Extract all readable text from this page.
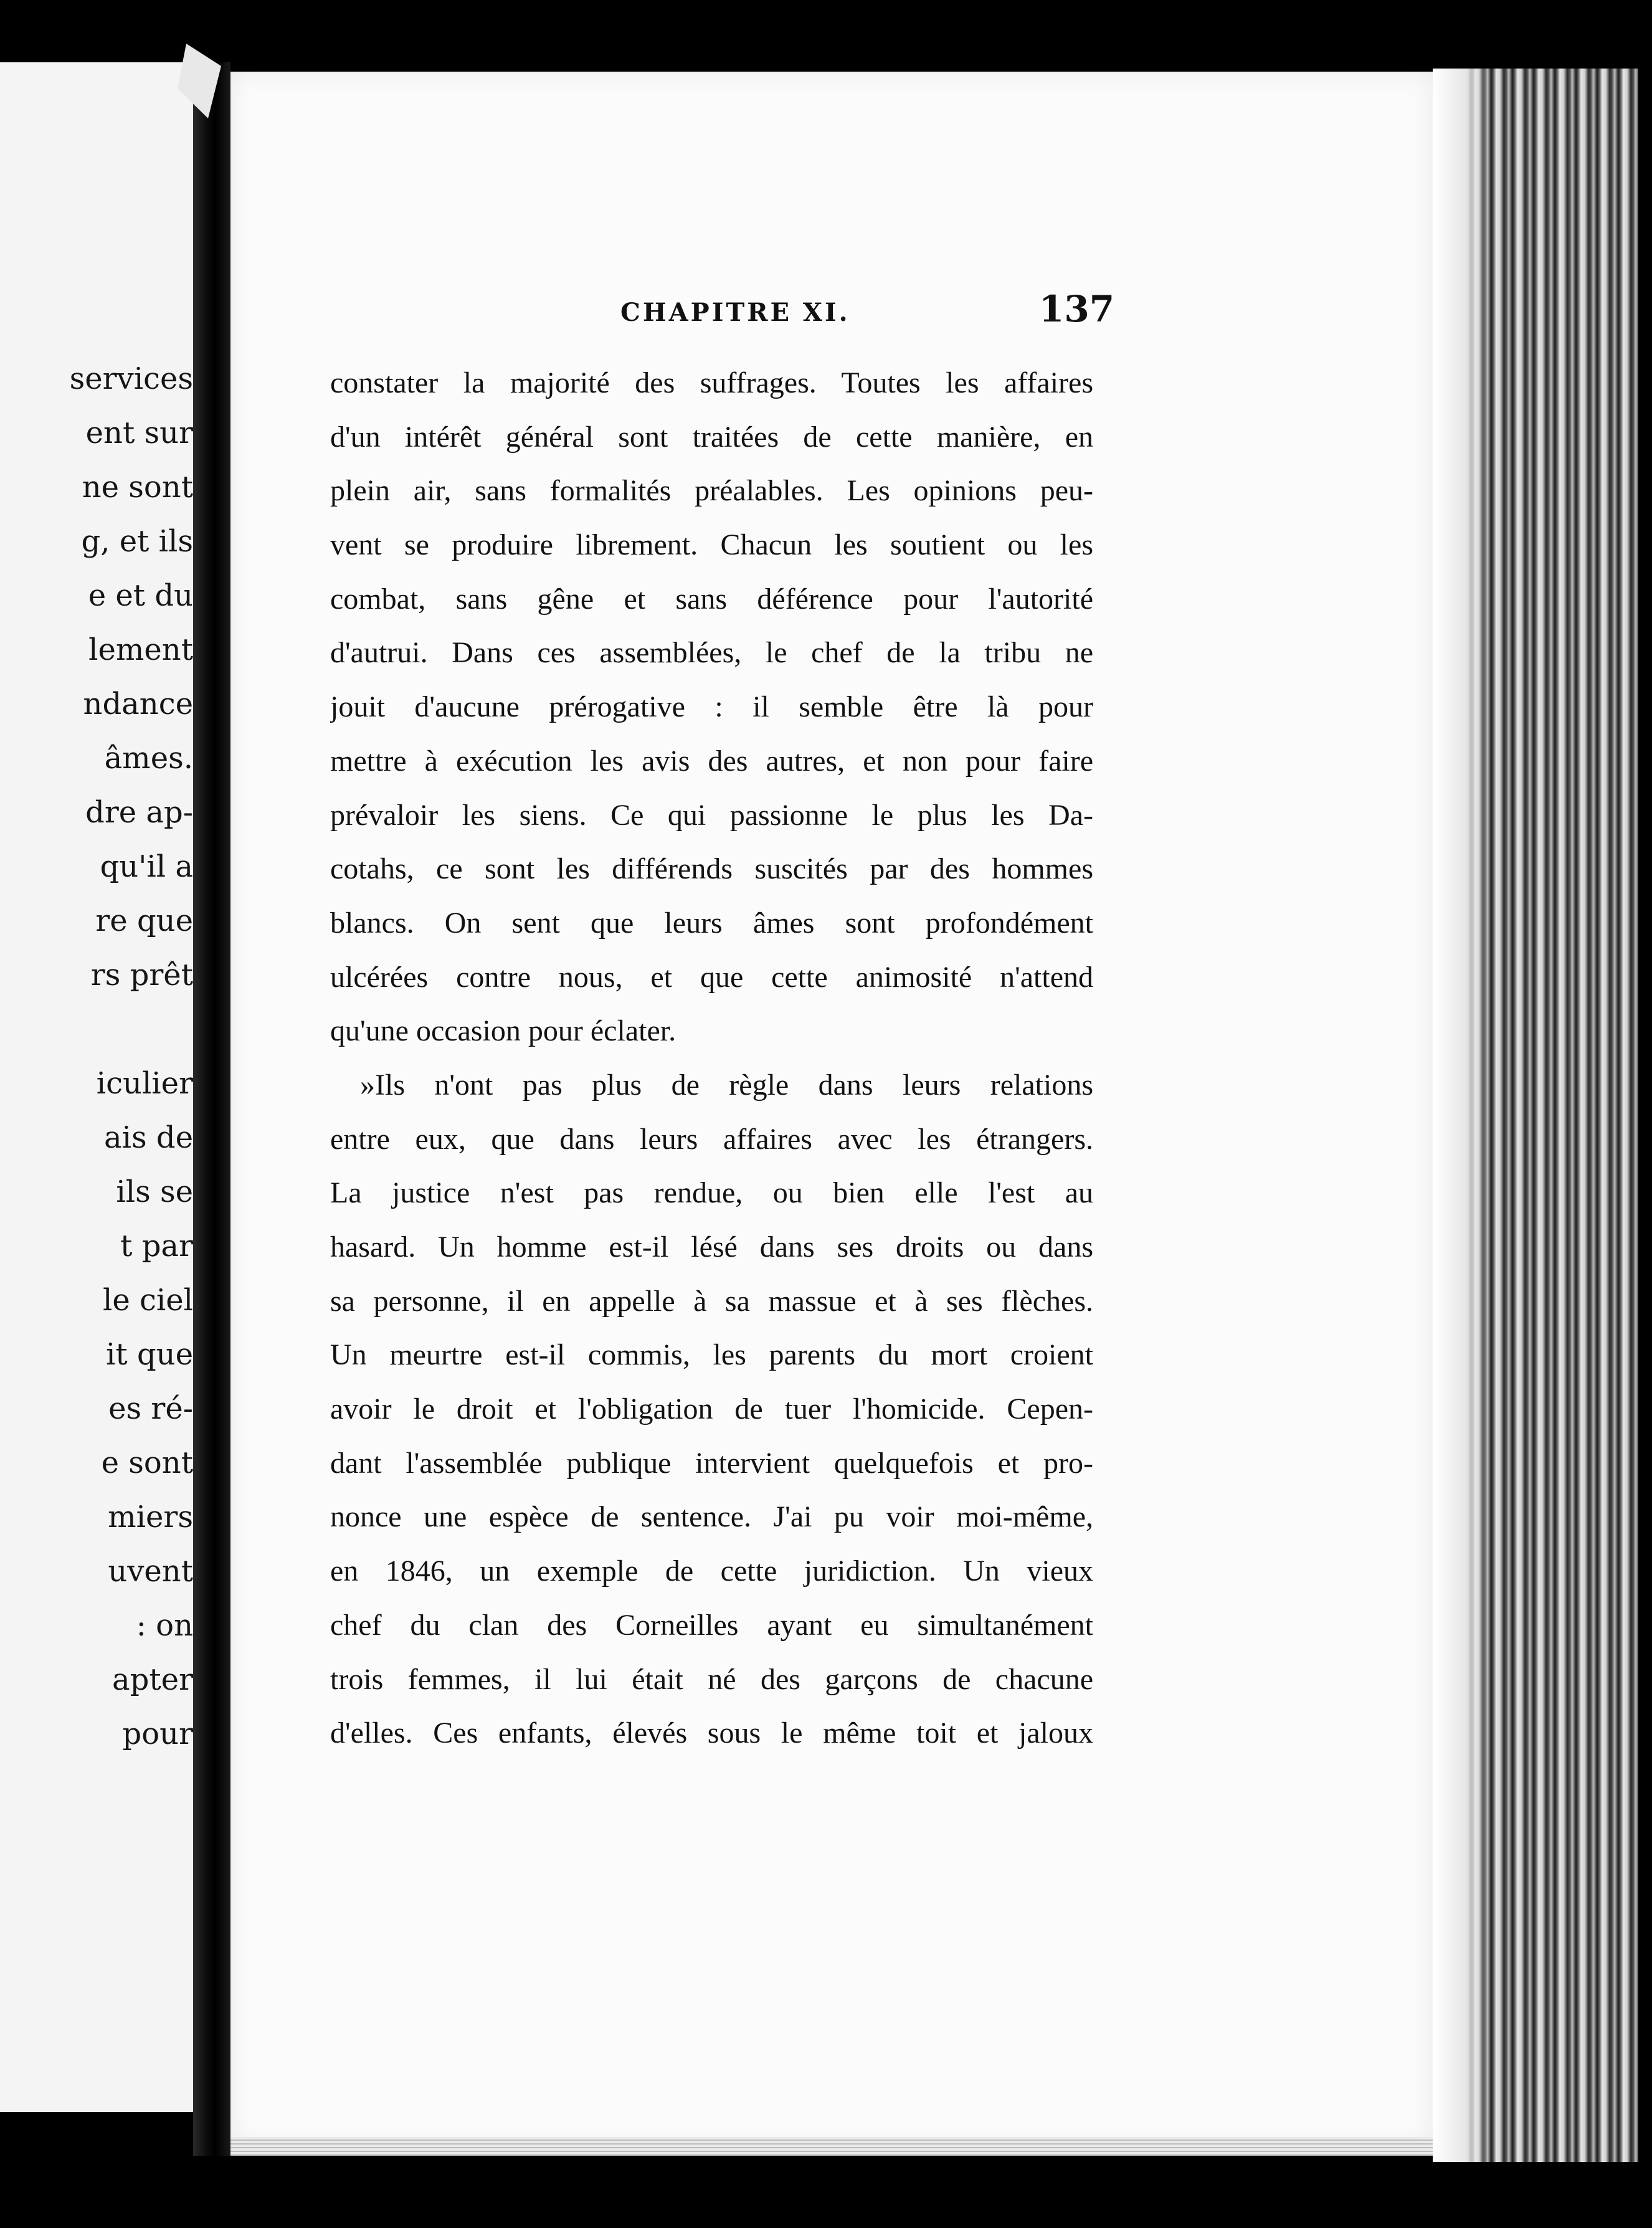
services
ent sur
ne sont
g, et ils
e et du
lement
ndance
âmes.
dre ap-
qu'il a
re que
rs prêt
iculier
ais de
ils se
t par
le ciel
it que
es ré-
e sont
miers
uvent
: on
apter
pour
CHAPITRE XI.	137
constater la majorité des suffrages. Toutes les affaires
d'un intérêt général sont traitées de cette manière, en
plein air, sans formalités préalables. Les opinions peu-
vent se produire librement. Chacun les soutient ou les
combat, sans gêne et sans déférence pour l'autorité
d'autrui. Dans ces assemblées, le chef de la tribu ne
jouit d'aucune prérogative : il semble être là pour
mettre à exécution les avis des autres, et non pour faire
prévaloir les siens. Ce qui passionne le plus les Da-
cotahs, ce sont les différends suscités par des hommes
blancs. On sent que leurs âmes sont profondément
ulcérées contre nous, et que cette animosité n'attend
qu'une occasion pour éclater.
»Ils n'ont pas plus de règle dans leurs relations
entre eux, que dans leurs affaires avec les étrangers.
La justice n'est pas rendue, ou bien elle l'est au
hasard. Un homme est-il lésé dans ses droits ou dans
sa personne, il en appelle à sa massue et à ses flèches.
Un meurtre est-il commis, les parents du mort croient
avoir le droit et l'obligation de tuer l'homicide. Cepen-
dant l'assemblée publique intervient quelquefois et pro-
nonce une espèce de sentence. J'ai pu voir moi-même,
en 1846, un exemple de cette juridiction. Un vieux
chef du clan des Corneilles ayant eu simultanément
trois femmes, il lui était né des garçons de chacune
d'elles. Ces enfants, élevés sous le même toit et jaloux
